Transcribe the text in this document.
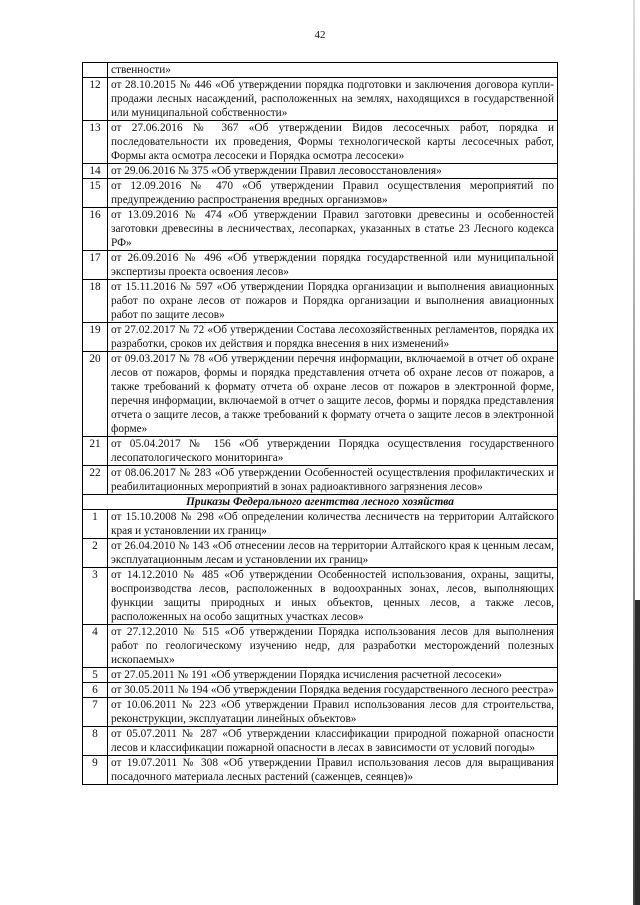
42
	ственности»
12	от 28.10.2015 № 446 «Об утверждении порядка подготовки и заключения договора купли-продажи лесных насаждений, расположенных на землях, находящихся в государственной или муниципальной собственности»
13	от 27.06.2016 № 367 «Об утверждении Видов лесосечных работ, порядка и последовательности их проведения, Формы технологической карты лесосечных работ, Формы акта осмотра лесосеки и Порядка осмотра лесосеки»
14	от 29.06.2016 № 375 «Об утверждении Правил лесовосстановления»
15	от 12.09.2016 № 470 «Об утверждении Правил осуществления мероприятий по предупреждению распространения вредных организмов»
16	от 13.09.2016 № 474 «Об утверждении Правил заготовки древесины и особенностей заготовки древесины в лесничествах, лесопарках, указанных в статье 23 Лесного кодекса РФ»
17	от 26.09.2016 № 496 «Об утверждении порядка государственной или муниципальной экспертизы проекта освоения лесов»
18	от 15.11.2016 № 597 «Об утверждении Порядка организации и выполнения авиационных работ по охране лесов от пожаров и Порядка организации и выполнения авиационных работ по защите лесов»
19	от 27.02.2017 № 72 «Об утверждении Состава лесохозяйственных регламентов, порядка их разработки, сроков их действия и порядка внесения в них изменений»
20	от 09.03.2017 № 78 «Об утверждении перечня информации, включаемой в отчет об охране лесов от пожаров, формы и порядка представления отчета об охране лесов от пожаров, а также требований к формату отчета об охране лесов от пожаров в электронной форме, перечня информации, включаемой в отчет о защите лесов, формы и порядка представления отчета о защите лесов, а также требований к формату отчета о защите лесов в электронной форме»
21	от 05.04.2017 № 156 «Об утверждении Порядка осуществления государственного лесопатологического мониторинга»
22	от 08.06.2017 № 283 «Об утверждении Особенностей осуществления профилактических и реабилитационных мероприятий в зонах радиоактивного загрязнения лесов»
Приказы Федерального агентства лесного хозяйства	
1	от 15.10.2008 № 298 «Об определении количества лесничеств на территории Алтайского края и установлении их границ»
2	от 26.04.2010 № 143 «Об отнесении лесов на территории Алтайского края к ценным лесам, эксплуатационным лесам и установлении их границ»
3	от 14.12.2010 № 485 «Об утверждении Особенностей использования, охраны, защиты, воспроизводства лесов, расположенных в водоохранных зонах, лесов, выполняющих функции защиты природных и иных объектов, ценных лесов, а также лесов, расположенных на особо защитных участках лесов»
4	от 27.12.2010 № 515 «Об утверждении Порядка использования лесов для выполнения работ по геологическому изучению недр, для разработки месторождений полезных ископаемых»
5	от 27.05.2011 № 191 «Об утверждении Порядка исчисления расчетной лесосеки»
6	от 30.05.2011 № 194 «Об утверждении Порядка ведения государственного лесного реестра»
7	от 10.06.2011 № 223 «Об утверждении Правил использования лесов для строительства, реконструкции, эксплуатации линейных объектов»
8	от 05.07.2011 № 287 «Об утверждении классификации природной пожарной опасности лесов и классификации пожарной опасности в лесах в зависимости от условий погоды»
9	от 19.07.2011 № 308 «Об утверждении Правил использования лесов для выращивания посадочного материала лесных растений (саженцев, сеянцев)»
